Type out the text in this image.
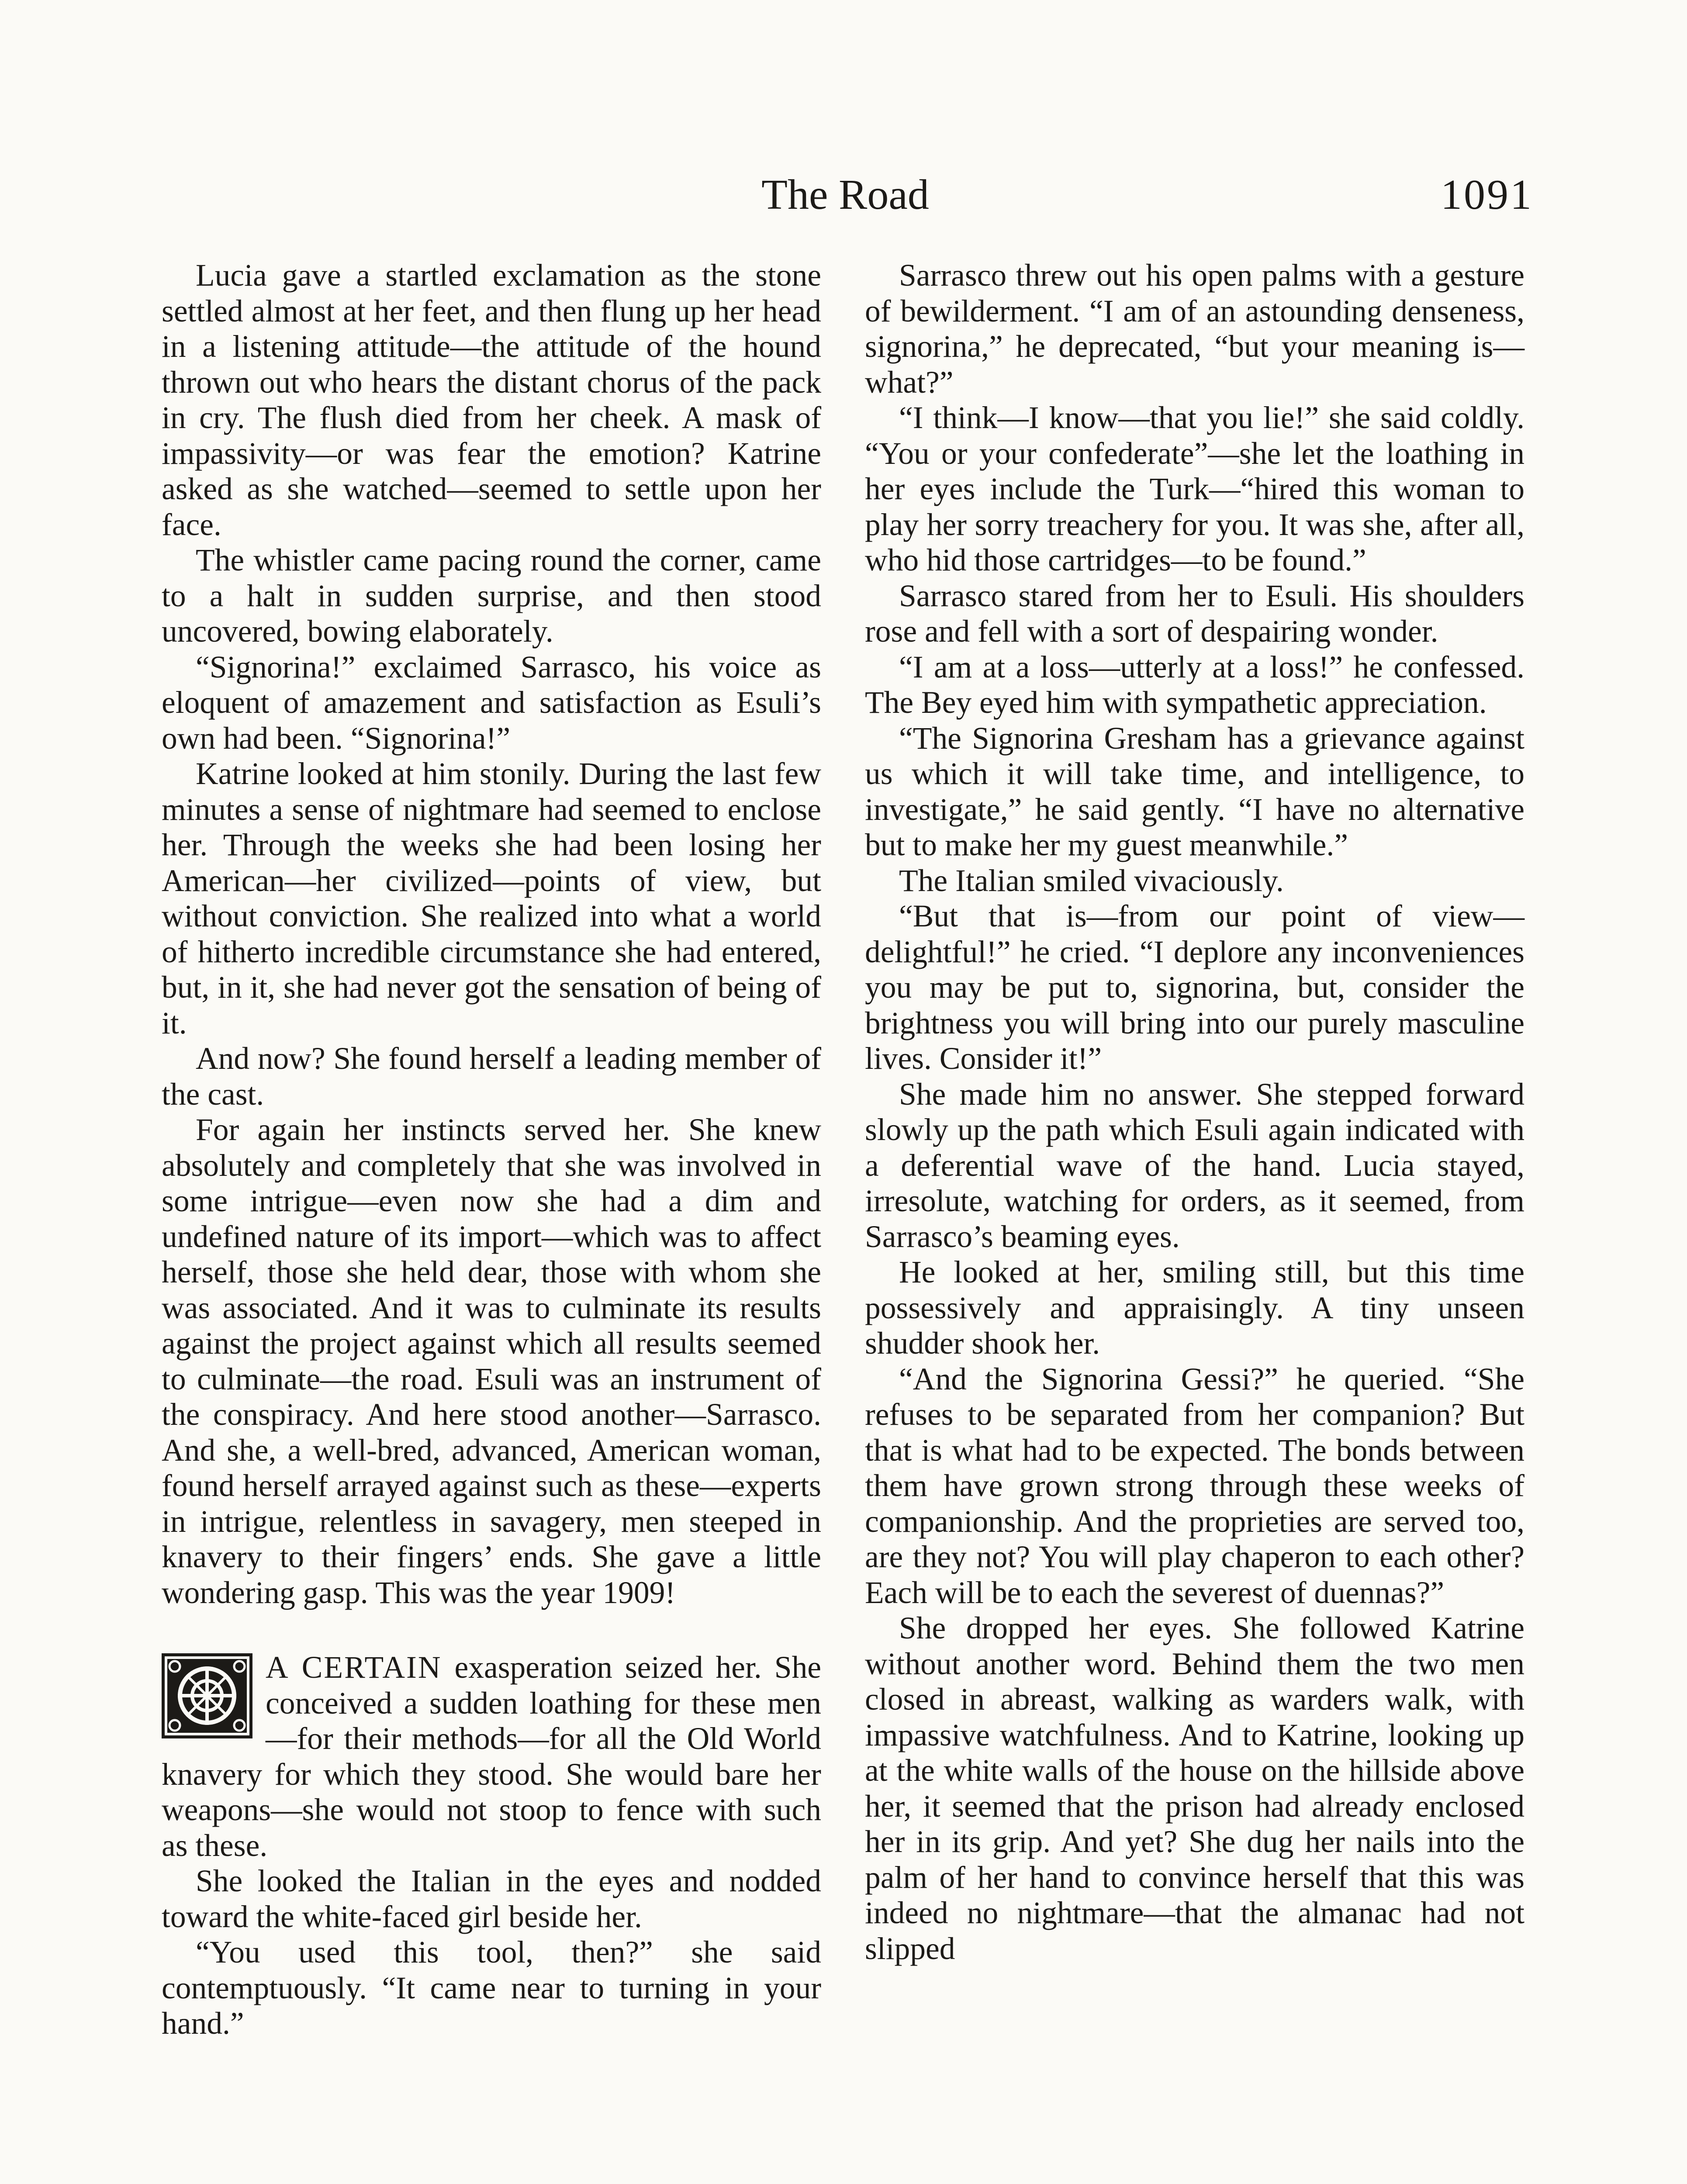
The Road	1091

Lucia gave a startled exclamation as the stone settled almost at her feet, and then flung up her head in a listening attitude—the attitude of the hound thrown out who hears the distant chorus of the pack in cry. The flush died from her cheek. A mask of impassivity—or was fear the emotion? Katrine asked as she watched—seemed to settle upon her face.

The whistler came pacing round the corner, came to a halt in sudden surprise, and then stood uncovered, bowing elaborately.

“Signorina!” exclaimed Sarrasco, his voice as eloquent of amazement and satisfaction as Esuli’s own had been. “Signorina!”

Katrine looked at him stonily. During the last few minutes a sense of nightmare had seemed to enclose her. Through the weeks she had been losing her American—her civilized—points of view, but without conviction. She realized into what a world of hitherto incredible circumstance she had entered, but, in it, she had never got the sensation of being of it.

And now? She found herself a leading member of the cast.

For again her instincts served her. She knew absolutely and completely that she was involved in some intrigue—even now she had a dim and undefined nature of its import—which was to affect herself, those she held dear, those with whom she was associated. And it was to culminate its results against the project against which all results seemed to culminate—the road. Esuli was an instrument of the conspiracy. And here stood another—Sarrasco. And she, a well-bred, advanced, American woman, found herself arrayed against such as these—experts in intrigue, relentless in savagery, men steeped in knavery to their fingers’ ends. She gave a little wondering gasp. This was the year 1909!

A CERTAIN exasperation seized her. She conceived a sudden loathing for these men—for their methods—for all the Old World knavery for which they stood. She would bare her weapons—she would not stoop to fence with such as these.

She looked the Italian in the eyes and nodded toward the white-faced girl beside her.

“You used this tool, then?” she said contemptuously. “It came near to turning in your hand.”

Sarrasco threw out his open palms with a gesture of bewilderment. “I am of an astounding denseness, signorina,” he deprecated, “but your meaning is—what?”

“I think—I know—that you lie!” she said coldly. “You or your confederate”—she let the loathing in her eyes include the Turk—“hired this woman to play her sorry treachery for you. It was she, after all, who hid those cartridges—to be found.”

Sarrasco stared from her to Esuli. His shoulders rose and fell with a sort of despairing wonder.

“I am at a loss—utterly at a loss!” he confessed. The Bey eyed him with sympathetic appreciation.

“The Signorina Gresham has a grievance against us which it will take time, and intelligence, to investigate,” he said gently. “I have no alternative but to make her my guest meanwhile.”

The Italian smiled vivaciously.

“But that is—from our point of view—delightful!” he cried. “I deplore any inconveniences you may be put to, signorina, but, consider the brightness you will bring into our purely masculine lives. Consider it!”

She made him no answer. She stepped forward slowly up the path which Esuli again indicated with a deferential wave of the hand. Lucia stayed, irresolute, watching for orders, as it seemed, from Sarrasco’s beaming eyes.

He looked at her, smiling still, but this time possessively and appraisingly. A tiny unseen shudder shook her.

“And the Signorina Gessi?” he queried. “She refuses to be separated from her companion? But that is what had to be expected. The bonds between them have grown strong through these weeks of companionship. And the proprieties are served too, are they not? You will play chaperon to each other? Each will be to each the severest of duennas?”

She dropped her eyes. She followed Katrine without another word. Behind them the two men closed in abreast, walking as warders walk, with impassive watchfulness. And to Katrine, looking up at the white walls of the house on the hillside above her, it seemed that the prison had already enclosed her in its grip. And yet? She dug her nails into the palm of her hand to convince herself that this was indeed no nightmare—that the almanac had not slipped
